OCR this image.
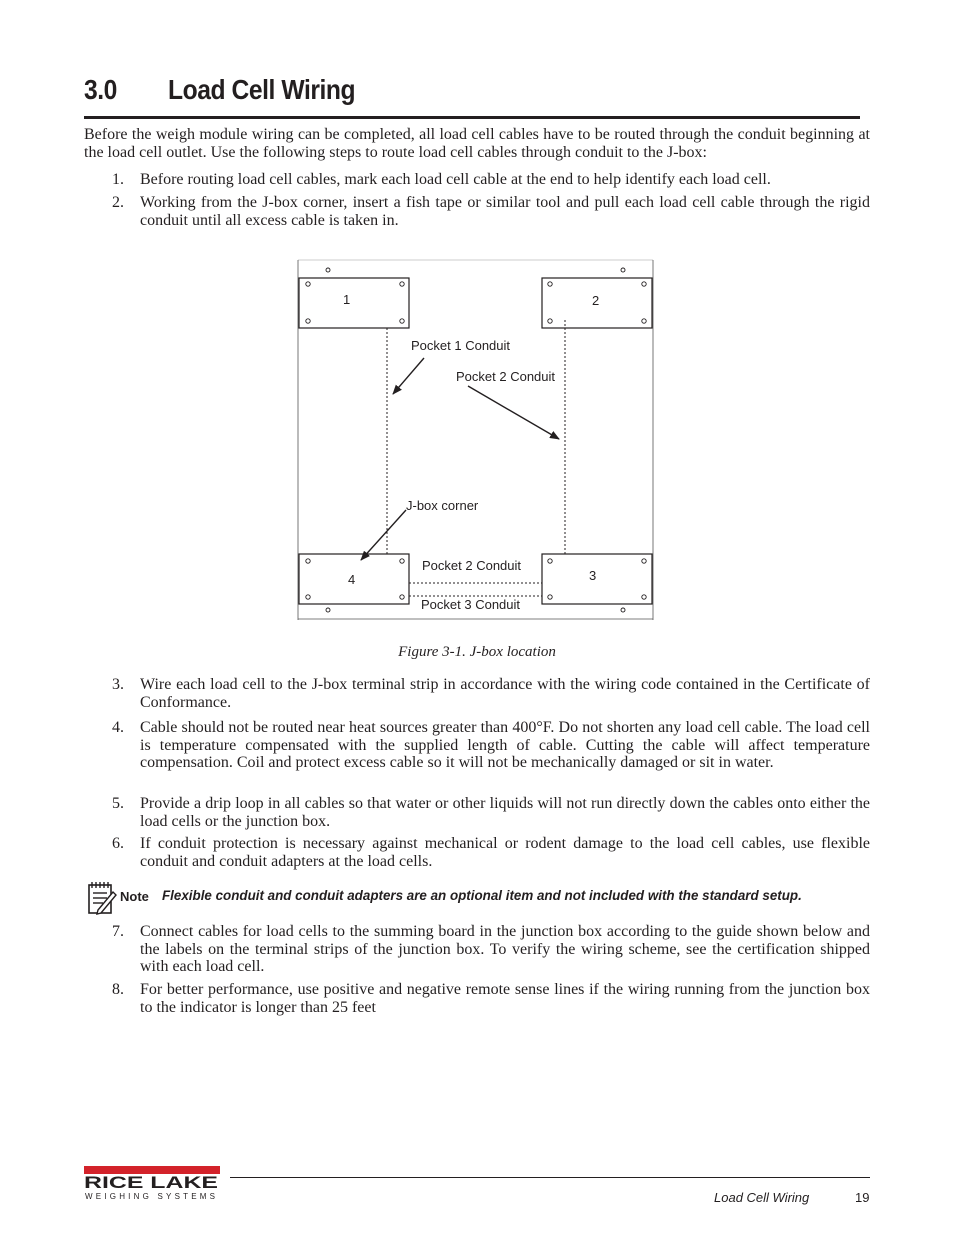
3.0 Load Cell Wiring
Before the weigh module wiring can be completed, all load cell cables have to be routed through the conduit beginning at the load cell outlet. Use the following steps to route load cell cables through conduit to the J-box:
1. Before routing load cell cables, mark each load cell cable at the end to help identify each load cell.
2. Working from the J-box corner, insert a fish tape or similar tool and pull each load cell cable through the rigid conduit until all excess cable is taken in.
1	2
3
4
Pocket 1 Conduit
Pocket 2 Conduit
J-box corner
Pocket 2 Conduit
Pocket 3 Conduit
Figure 3-1. J-box location
3. Wire each load cell to the J-box terminal strip in accordance with the wiring code contained in the Certificate of Conformance.
4. Cable should not be routed near heat sources greater than 400°F. Do not shorten any load cell cable. The load cell is temperature compensated with the supplied length of cable. Cutting the cable will affect temperature compensation. Coil and protect excess cable so it will not be mechanically damaged or sit in water.
5. Provide a drip loop in all cables so that water or other liquids will not run directly down the cables onto either the load cells or the junction box.
6. If conduit protection is necessary against mechanical or rodent damage to the load cell cables, use flexible conduit and conduit adapters at the load cells.
Note Flexible conduit and conduit adapters are an optional item and not included with the standard setup.
7. Connect cables for load cells to the summing board in the junction box according to the guide shown below and the labels on the terminal strips of the junction box. To verify the wiring scheme, see the certification shipped with each load cell.
8. For better performance, use positive and negative remote sense lines if the wiring running from the junction box to the indicator is longer than 25 feet
RICE LAKE
WEIGHING SYSTEMS	Load Cell Wiring	19
